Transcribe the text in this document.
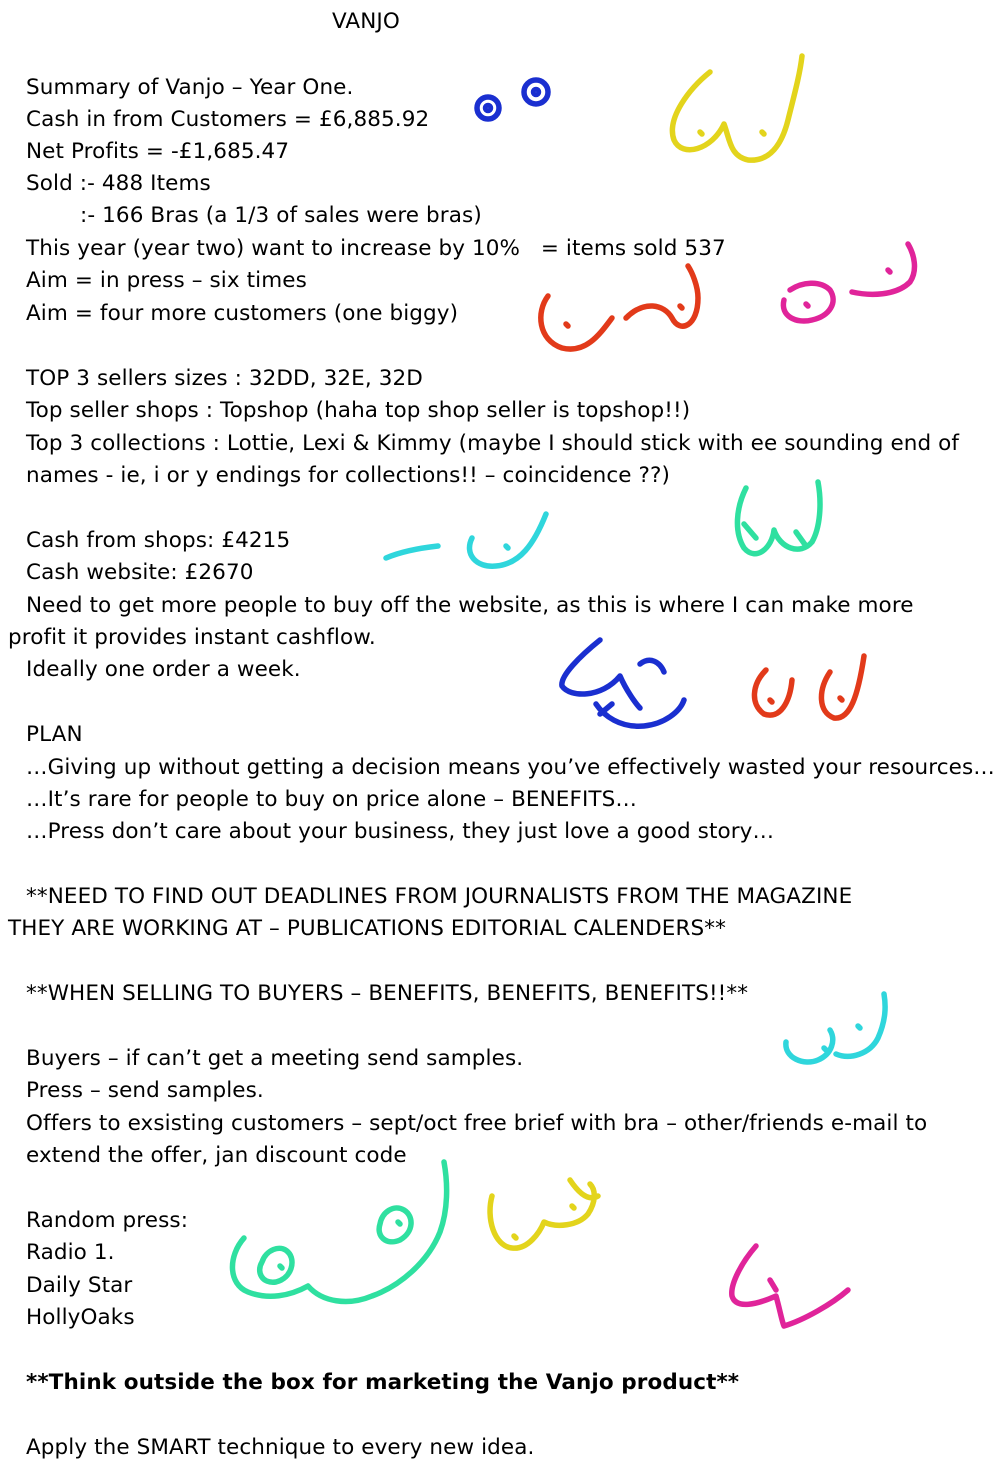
VANJO
Summary of Vanjo – Year One.
Cash in from Customers = £6,885.92
Net Profits = -£1,685.47
Sold :- 488 Items
:- 166 Bras (a 1/3 of sales were bras)
This year (year two) want to increase by 10%   = items sold 537
Aim = in press – six times
Aim = four more customers (one biggy)
TOP 3 sellers sizes : 32DD, 32E, 32D
Top seller shops : Topshop (haha top shop seller is topshop!!)
Top 3 collections : Lottie, Lexi & Kimmy (maybe I should stick with ee sounding end of
names - ie, i or y endings for collections!! – coincidence ??)
Cash from shops: £4215
Cash website: £2670
Need to get more people to buy off the website, as this is where I can make more
profit it provides instant cashflow.
Ideally one order a week.
PLAN
…Giving up without getting a decision means you’ve effectively wasted your resources…
…It’s rare for people to buy on price alone – BENEFITS…
…Press don’t care about your business, they just love a good story…
**NEED TO FIND OUT DEADLINES FROM JOURNALISTS FROM THE MAGAZINE
THEY ARE WORKING AT – PUBLICATIONS EDITORIAL CALENDERS**
**WHEN SELLING TO BUYERS – BENEFITS, BENEFITS, BENEFITS!!**
Buyers – if can’t get a meeting send samples.
Press – send samples.
Offers to exsisting customers – sept/oct free brief with bra – other/friends e-mail to
extend the offer, jan discount code
Random press:
Radio 1.
Daily Star
HollyOaks
**Think outside the box for marketing the Vanjo product**
Apply the SMART technique to every new idea.
